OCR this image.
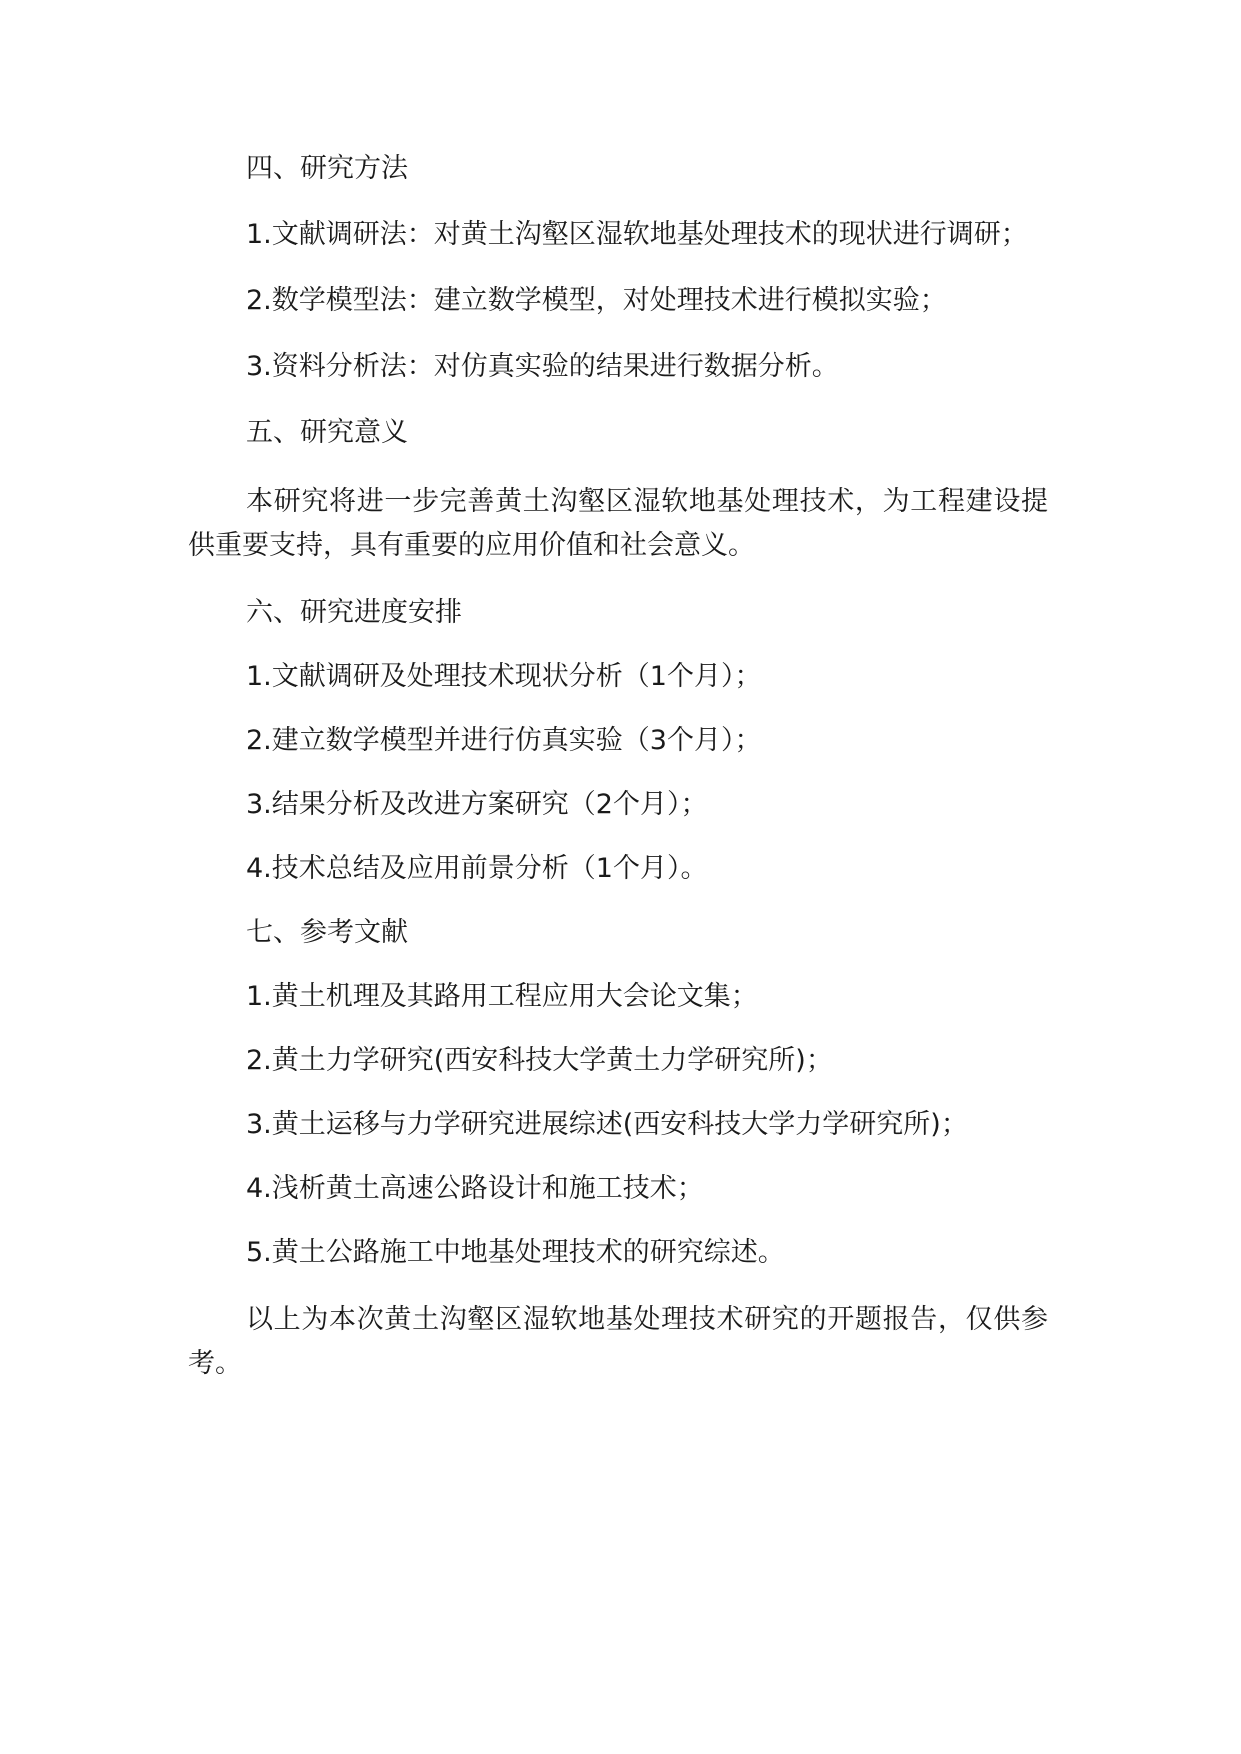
四、研究方法

1.文献调研法：对黄土沟壑区湿软地基处理技术的现状进行调研；

2.数学模型法：建立数学模型，对处理技术进行模拟实验；

3.资料分析法：对仿真实验的结果进行数据分析。

五、研究意义

本研究将进一步完善黄土沟壑区湿软地基处理技术，为工程建设提供重要支持，具有重要的应用价值和社会意义。

六、研究进度安排

1.文献调研及处理技术现状分析（1个月）；

2.建立数学模型并进行仿真实验（3个月）；

3.结果分析及改进方案研究（2个月）；

4.技术总结及应用前景分析（1个月）。

七、参考文献

1.黄土机理及其路用工程应用大会论文集；

2.黄土力学研究(西安科技大学黄土力学研究所)；

3.黄土运移与力学研究进展综述(西安科技大学力学研究所)；

4.浅析黄土高速公路设计和施工技术；

5.黄土公路施工中地基处理技术的研究综述。

以上为本次黄土沟壑区湿软地基处理技术研究的开题报告，仅供参考。
